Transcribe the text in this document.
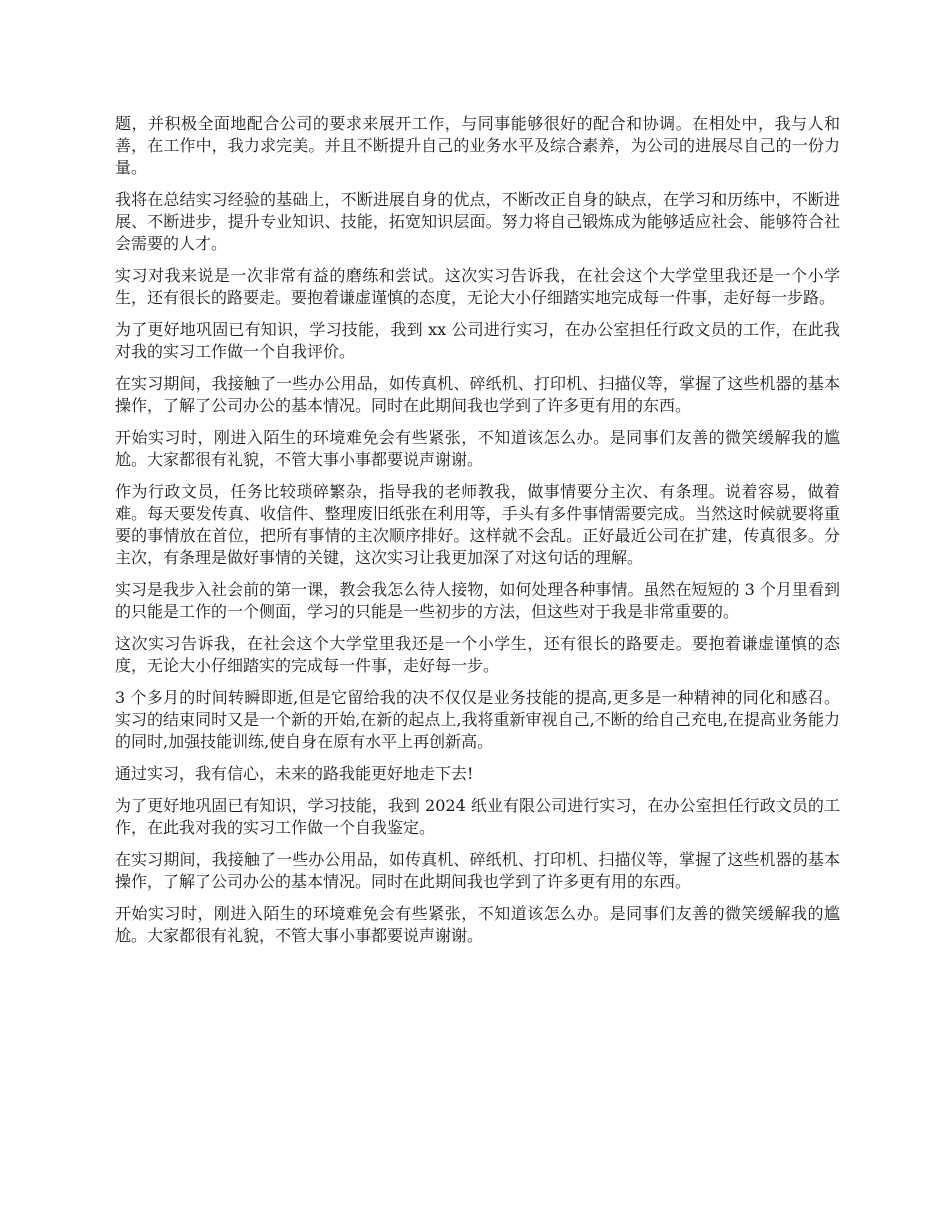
题，并积极全面地配合公司的要求来展开工作，与同事能够很好的配合和协调。在相处中，我与人和善，在工作中，我力求完美。并且不断提升自己的业务水平及综合素养，为公司的进展尽自己的一份力量。

我将在总结实习经验的基础上，不断进展自身的优点，不断改正自身的缺点，在学习和历练中，不断进展、不断进步，提升专业知识、技能，拓宽知识层面。努力将自己锻炼成为能够适应社会、能够符合社会需要的人才。

实习对我来说是一次非常有益的磨练和尝试。这次实习告诉我，在社会这个大学堂里我还是一个小学生，还有很长的路要走。要抱着谦虚谨慎的态度，无论大小仔细踏实地完成每一件事，走好每一步路。

为了更好地巩固已有知识，学习技能，我到 xx 公司进行实习，在办公室担任行政文员的工作，在此我对我的实习工作做一个自我评价。

在实习期间，我接触了一些办公用品，如传真机、碎纸机、打印机、扫描仪等，掌握了这些机器的基本操作，了解了公司办公的基本情况。同时在此期间我也学到了许多更有用的东西。

开始实习时，刚进入陌生的环境难免会有些紧张，不知道该怎么办。是同事们友善的微笑缓解我的尴尬。大家都很有礼貌，不管大事小事都要说声谢谢。

作为行政文员，任务比较琐碎繁杂，指导我的老师教我，做事情要分主次、有条理。说着容易，做着难。每天要发传真、收信件、整理废旧纸张在利用等，手头有多件事情需要完成。当然这时候就要将重要的事情放在首位，把所有事情的主次顺序排好。这样就不会乱。正好最近公司在扩建，传真很多。分主次，有条理是做好事情的关键，这次实习让我更加深了对这句话的理解。

实习是我步入社会前的第一课，教会我怎么待人接物，如何处理各种事情。虽然在短短的 3 个月里看到的只能是工作的一个侧面，学习的只能是一些初步的方法，但这些对于我是非常重要的。

这次实习告诉我，在社会这个大学堂里我还是一个小学生，还有很长的路要走。要抱着谦虚谨慎的态度，无论大小仔细踏实的完成每一件事，走好每一步。

3 个多月的时间转瞬即逝,但是它留给我的决不仅仅是业务技能的提高,更多是一种精神的同化和感召。实习的结束同时又是一个新的开始,在新的起点上,我将重新审视自己,不断的给自己充电,在提高业务能力的同时,加强技能训练,使自身在原有水平上再创新高。

通过实习，我有信心，未来的路我能更好地走下去!

为了更好地巩固已有知识，学习技能，我到 2024 纸业有限公司进行实习，在办公室担任行政文员的工作，在此我对我的实习工作做一个自我鉴定。

在实习期间，我接触了一些办公用品，如传真机、碎纸机、打印机、扫描仪等，掌握了这些机器的基本操作，了解了公司办公的基本情况。同时在此期间我也学到了许多更有用的东西。

开始实习时，刚进入陌生的环境难免会有些紧张，不知道该怎么办。是同事们友善的微笑缓解我的尴尬。大家都很有礼貌，不管大事小事都要说声谢谢。
